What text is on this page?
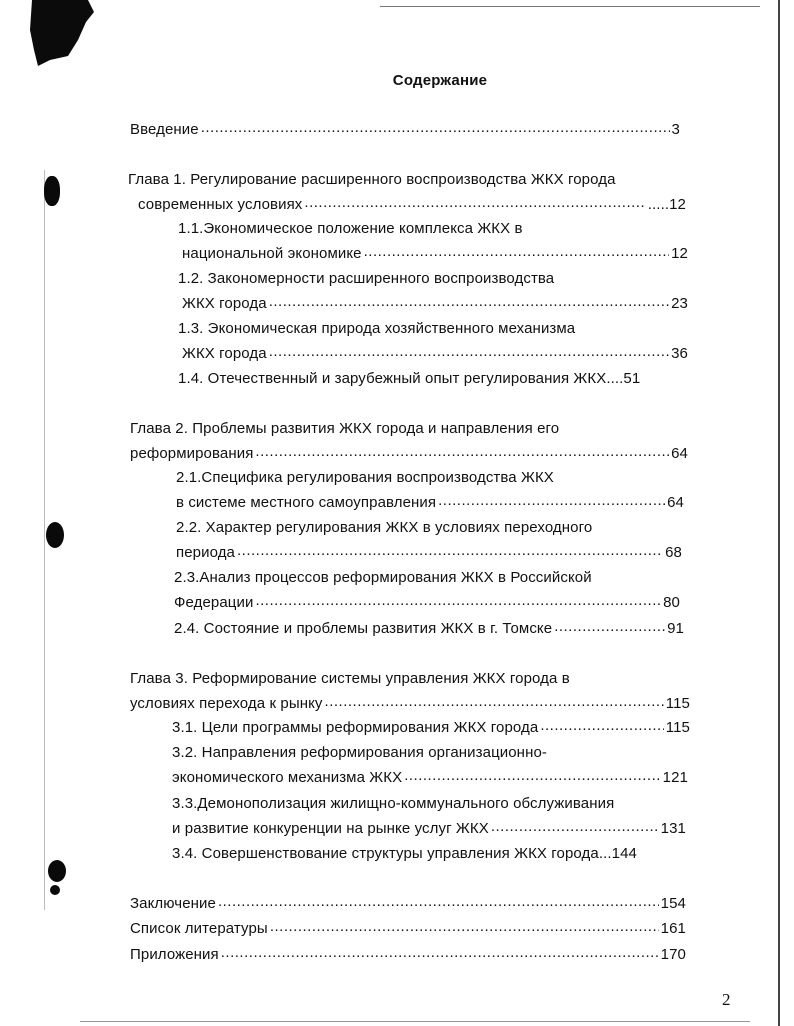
Содержание
Введение .....	3
Глава 1. Регулирование расширенного воспроизводства ЖКХ города
современных условиях .....	.....12
1.1.Экономическое положение комплекса ЖКХ в
национальной экономике .....	12
1.2. Закономерности расширенного воспроизводства
ЖКХ города .....	23
1.3. Экономическая природа хозяйственного механизма
ЖКХ города .....	36
1.4. Отечественный и зарубежный опыт регулирования ЖКХ....51
Глава 2. Проблемы развития ЖКХ города и направления его
реформирования .....	64
2.1.Специфика регулирования воспроизводства ЖКХ
в системе местного самоуправления .....	64
2.2. Характер регулирования ЖКХ в условиях переходного
периода .....	68
2.3.Анализ процессов реформирования ЖКХ в Российской
Федерации .....	80
2.4. Состояние и проблемы развития ЖКХ в г. Томске .....	91
Глава 3. Реформирование системы управления ЖКХ города в
условиях перехода к рынку .....	115
3.1. Цели программы реформирования ЖКХ города .....	115
3.2. Направления реформирования организационно-
экономического механизма ЖКХ .....	121
3.3.Демонополизация жилищно-коммунального обслуживания
и развитие конкуренции на рынке услуг ЖКХ .....	131
3.4. Совершенствование структуры управления ЖКХ города...144
Заключение .....	154
Список литературы .....	161
Приложения .....	170
2
